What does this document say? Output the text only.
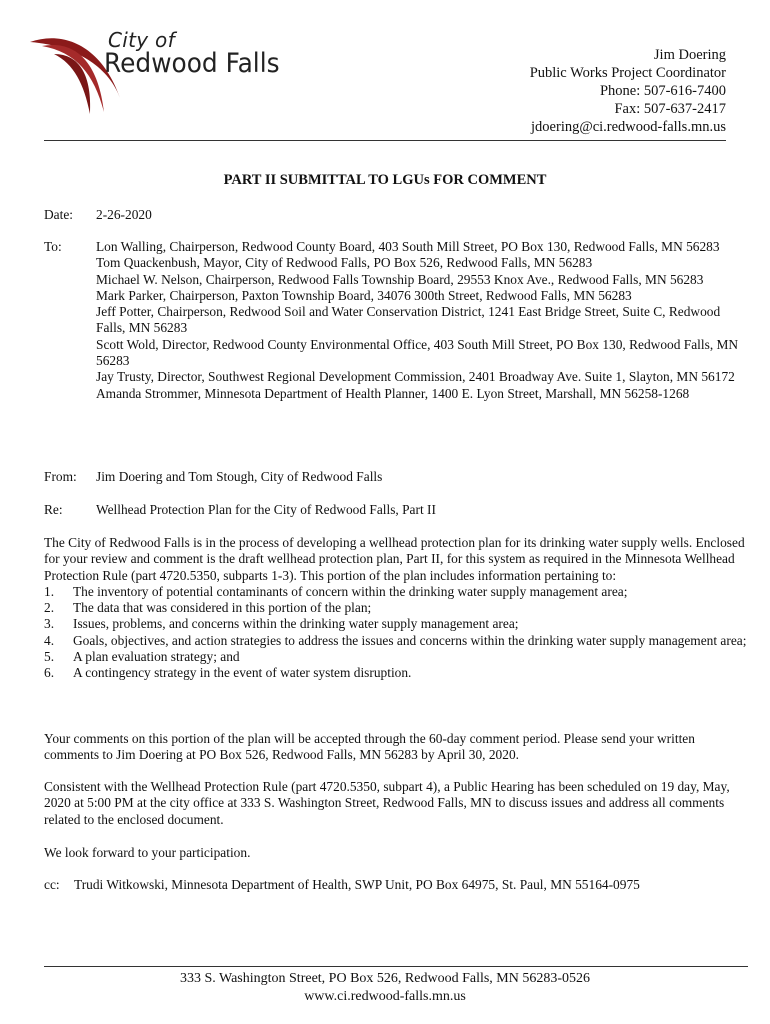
City of
Redwood Falls	Jim Doering
Public Works Project Coordinator
Phone: 507-616-7400
Fax: 507-637-2417
jdoering@ci.redwood-falls.mn.us
PART II SUBMITTAL TO LGUs FOR COMMENT
Date: 2-26-2020
To:	Lon Walling, Chairperson, Redwood County Board, 403 South Mill Street, PO Box 130, Redwood Falls, MN 56283
Tom Quackenbush, Mayor, City of Redwood Falls, PO Box 526, Redwood Falls, MN 56283
Michael W. Nelson, Chairperson, Redwood Falls Township Board, 29553 Knox Ave., Redwood Falls, MN 56283
Mark Parker, Chairperson, Paxton Township Board, 34076 300th Street, Redwood Falls, MN 56283
Jeff Potter, Chairperson, Redwood Soil and Water Conservation District, 1241 East Bridge Street, Suite C, Redwood Falls, MN 56283
Scott Wold, Director, Redwood County Environmental Office, 403 South Mill Street, PO Box 130, Redwood Falls, MN 56283
Jay Trusty, Director, Southwest Regional Development Commission, 2401 Broadway Ave. Suite 1, Slayton, MN 56172
Amanda Strommer, Minnesota Department of Health Planner, 1400 E. Lyon Street, Marshall, MN 56258-1268
From: Jim Doering and Tom Stough, City of Redwood Falls
Re: Wellhead Protection Plan for the City of Redwood Falls, Part II

The City of Redwood Falls is in the process of developing a wellhead protection plan for its drinking water supply wells. Enclosed for your review and comment is the draft wellhead protection plan, Part II, for this system as required in the Minnesota Wellhead Protection Rule (part 4720.5350, subparts 1-3). This portion of the plan includes information pertaining to:

1. The inventory of potential contaminants of concern within the drinking water supply management area;
2. The data that was considered in this portion of the plan;
3. Issues, problems, and concerns within the drinking water supply management area;
4. Goals, objectives, and action strategies to address the issues and concerns within the drinking water supply management area;
5. A plan evaluation strategy; and
6. A contingency strategy in the event of water system disruption.
Your comments on this portion of the plan will be accepted through the 60-day comment period. Please send your written comments to Jim Doering at PO Box 526, Redwood Falls, MN 56283 by April 30, 2020.
Consistent with the Wellhead Protection Rule (part 4720.5350, subpart 4), a Public Hearing has been scheduled on 19 day, May, 2020 at 5:00 PM at the city office at 333 S. Washington Street, Redwood Falls, MN to discuss issues and address all comments related to the enclosed document.
We look forward to your participation.
cc: Trudi Witkowski, Minnesota Department of Health, SWP Unit, PO Box 64975, St. Paul, MN 55164-0975
333 S. Washington Street, PO Box 526, Redwood Falls, MN 56283-0526
www.ci.redwood-falls.mn.us
